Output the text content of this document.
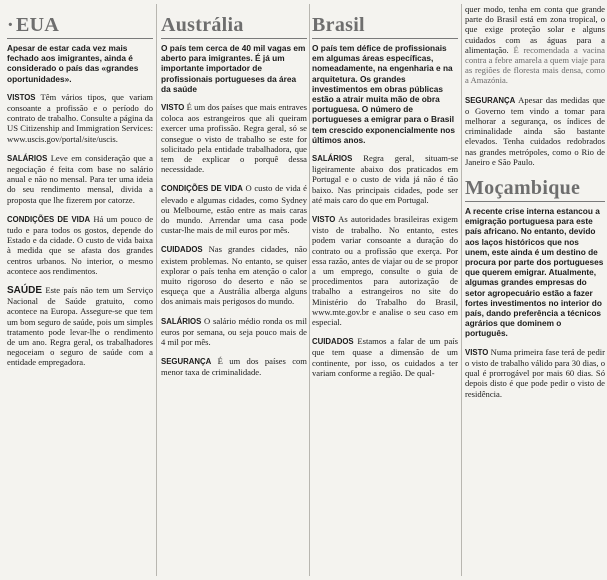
· EUA

Apesar de estar cada vez mais fechado aos imigrantes, ainda é considerado o país das «grandes oportunidades».

VISTOS Têm vários tipos, que variam consoante a profissão e o período do contrato de trabalho. Consulte a página da US Citizenship and Immigration Services: www.uscis.gov/portal/site/uscis.

SALÁRIOS Leve em consideração que a negociação é feita com base no salário anual e não no mensal. Para ter uma ideia do seu rendimento mensal, divida a proposta que lhe fizerem por catorze.

CONDIÇÕES DE VIDA Há um pouco de tudo e para todos os gostos, depende do Estado e da cidade. O custo de vida baixa à medida que se afasta dos grandes centros urbanos. No interior, o mesmo acontece aos rendimentos.

SAÚDE Este país não tem um Serviço Nacional de Saúde gratuito, como acontece na Europa. Assegure-se que tem um bom seguro de saúde, pois um simples tratamento pode levar-lhe o rendimento de um ano. Regra geral, os trabalhadores negoceiam o seguro de saúde com a entidade empregadora.

Austrália

O país tem cerca de 40 mil vagas em aberto para imigrantes. É já um importante importador de profissionais portugueses da área da saúde

VISTO É um dos países que mais entraves coloca aos estrangeiros que ali queiram exercer uma profissão. Regra geral, só se consegue o visto de trabalho se este for solicitado pela entidade trabalhadora, que tem de explicar o porquê dessa necessidade.

CONDIÇÕES DE VIDA O custo de vida é elevado e algumas cidades, como Sydney ou Melbourne, estão entre as mais caras do mundo. Arrendar uma casa pode custar-lhe mais de mil euros por mês.

CUIDADOS Nas grandes cidades, não existem problemas. No entanto, se quiser explorar o país tenha em atenção o calor muito rigoroso do deserto e não se esqueça que a Austrália alberga alguns dos animais mais perigosos do mundo.

SALÁRIOS O salário médio ronda os mil euros por semana, ou seja pouco mais de 4 mil por mês.

SEGURANÇA É um dos países com menor taxa de criminalidade.

Brasil

O país tem défice de profissionais em algumas áreas específicas, nomeadamente, na engenharia e na arquitetura. Os grandes investimentos em obras públicas estão a atrair muita mão de obra portuguesa. O número de portugueses a emigrar para o Brasil tem crescido exponencialmente nos últimos anos.

SALÁRIOS Regra geral, situam-se ligeiramente abaixo dos praticados em Portugal e o custo de vida já não é tão baixo. Nas principais cidades, pode ser até mais caro do que em Portugal.

VISTO As autoridades brasileiras exigem visto de trabalho. No entanto, estes podem variar consoante a duração do contrato ou a profissão que exerça. Por essa razão, antes de viajar ou de se propor a um emprego, consulte o guia de procedimentos para autorização de trabalho a estrangeiros no site do Ministério do Trabalho do Brasil, www.mte.gov.br e analise o seu caso em especial.

CUIDADOS Estamos a falar de um país que tem quase a dimensão de um continente, por isso, os cuidados a ter variam conforme a região. De qual-

quer modo, tenha em conta que grande parte do Brasil está em zona tropical, o que exige proteção solar e alguns cuidados com as águas para a alimentação. É recomendada a vacina contra a febre amarela a quem viaje para as regiões de floresta mais densa, como a Amazónia.

SEGURANÇA Apesar das medidas que o Governo tem vindo a tomar para melhorar a segurança, os índices de criminalidade ainda são bastante elevados. Tenha cuidados redobrados nas grandes metrópoles, como o Rio de Janeiro e São Paulo.

Moçambique

A recente crise interna estancou a emigração portuguesa para este país africano. No entanto, devido aos laços históricos que nos unem, este ainda é um destino de procura por parte dos portugueses que querem emigrar. Atualmente, algumas grandes empresas do setor agropecuário estão a fazer fortes investimentos no interior do país, dando preferência a técnicos agrários que dominem o português.

VISTO Numa primeira fase terá de pedir o visto de trabalho válido para 30 dias, o qual é prorrogável por mais 60 dias. Só depois disto é que pode pedir o visto de residência.
